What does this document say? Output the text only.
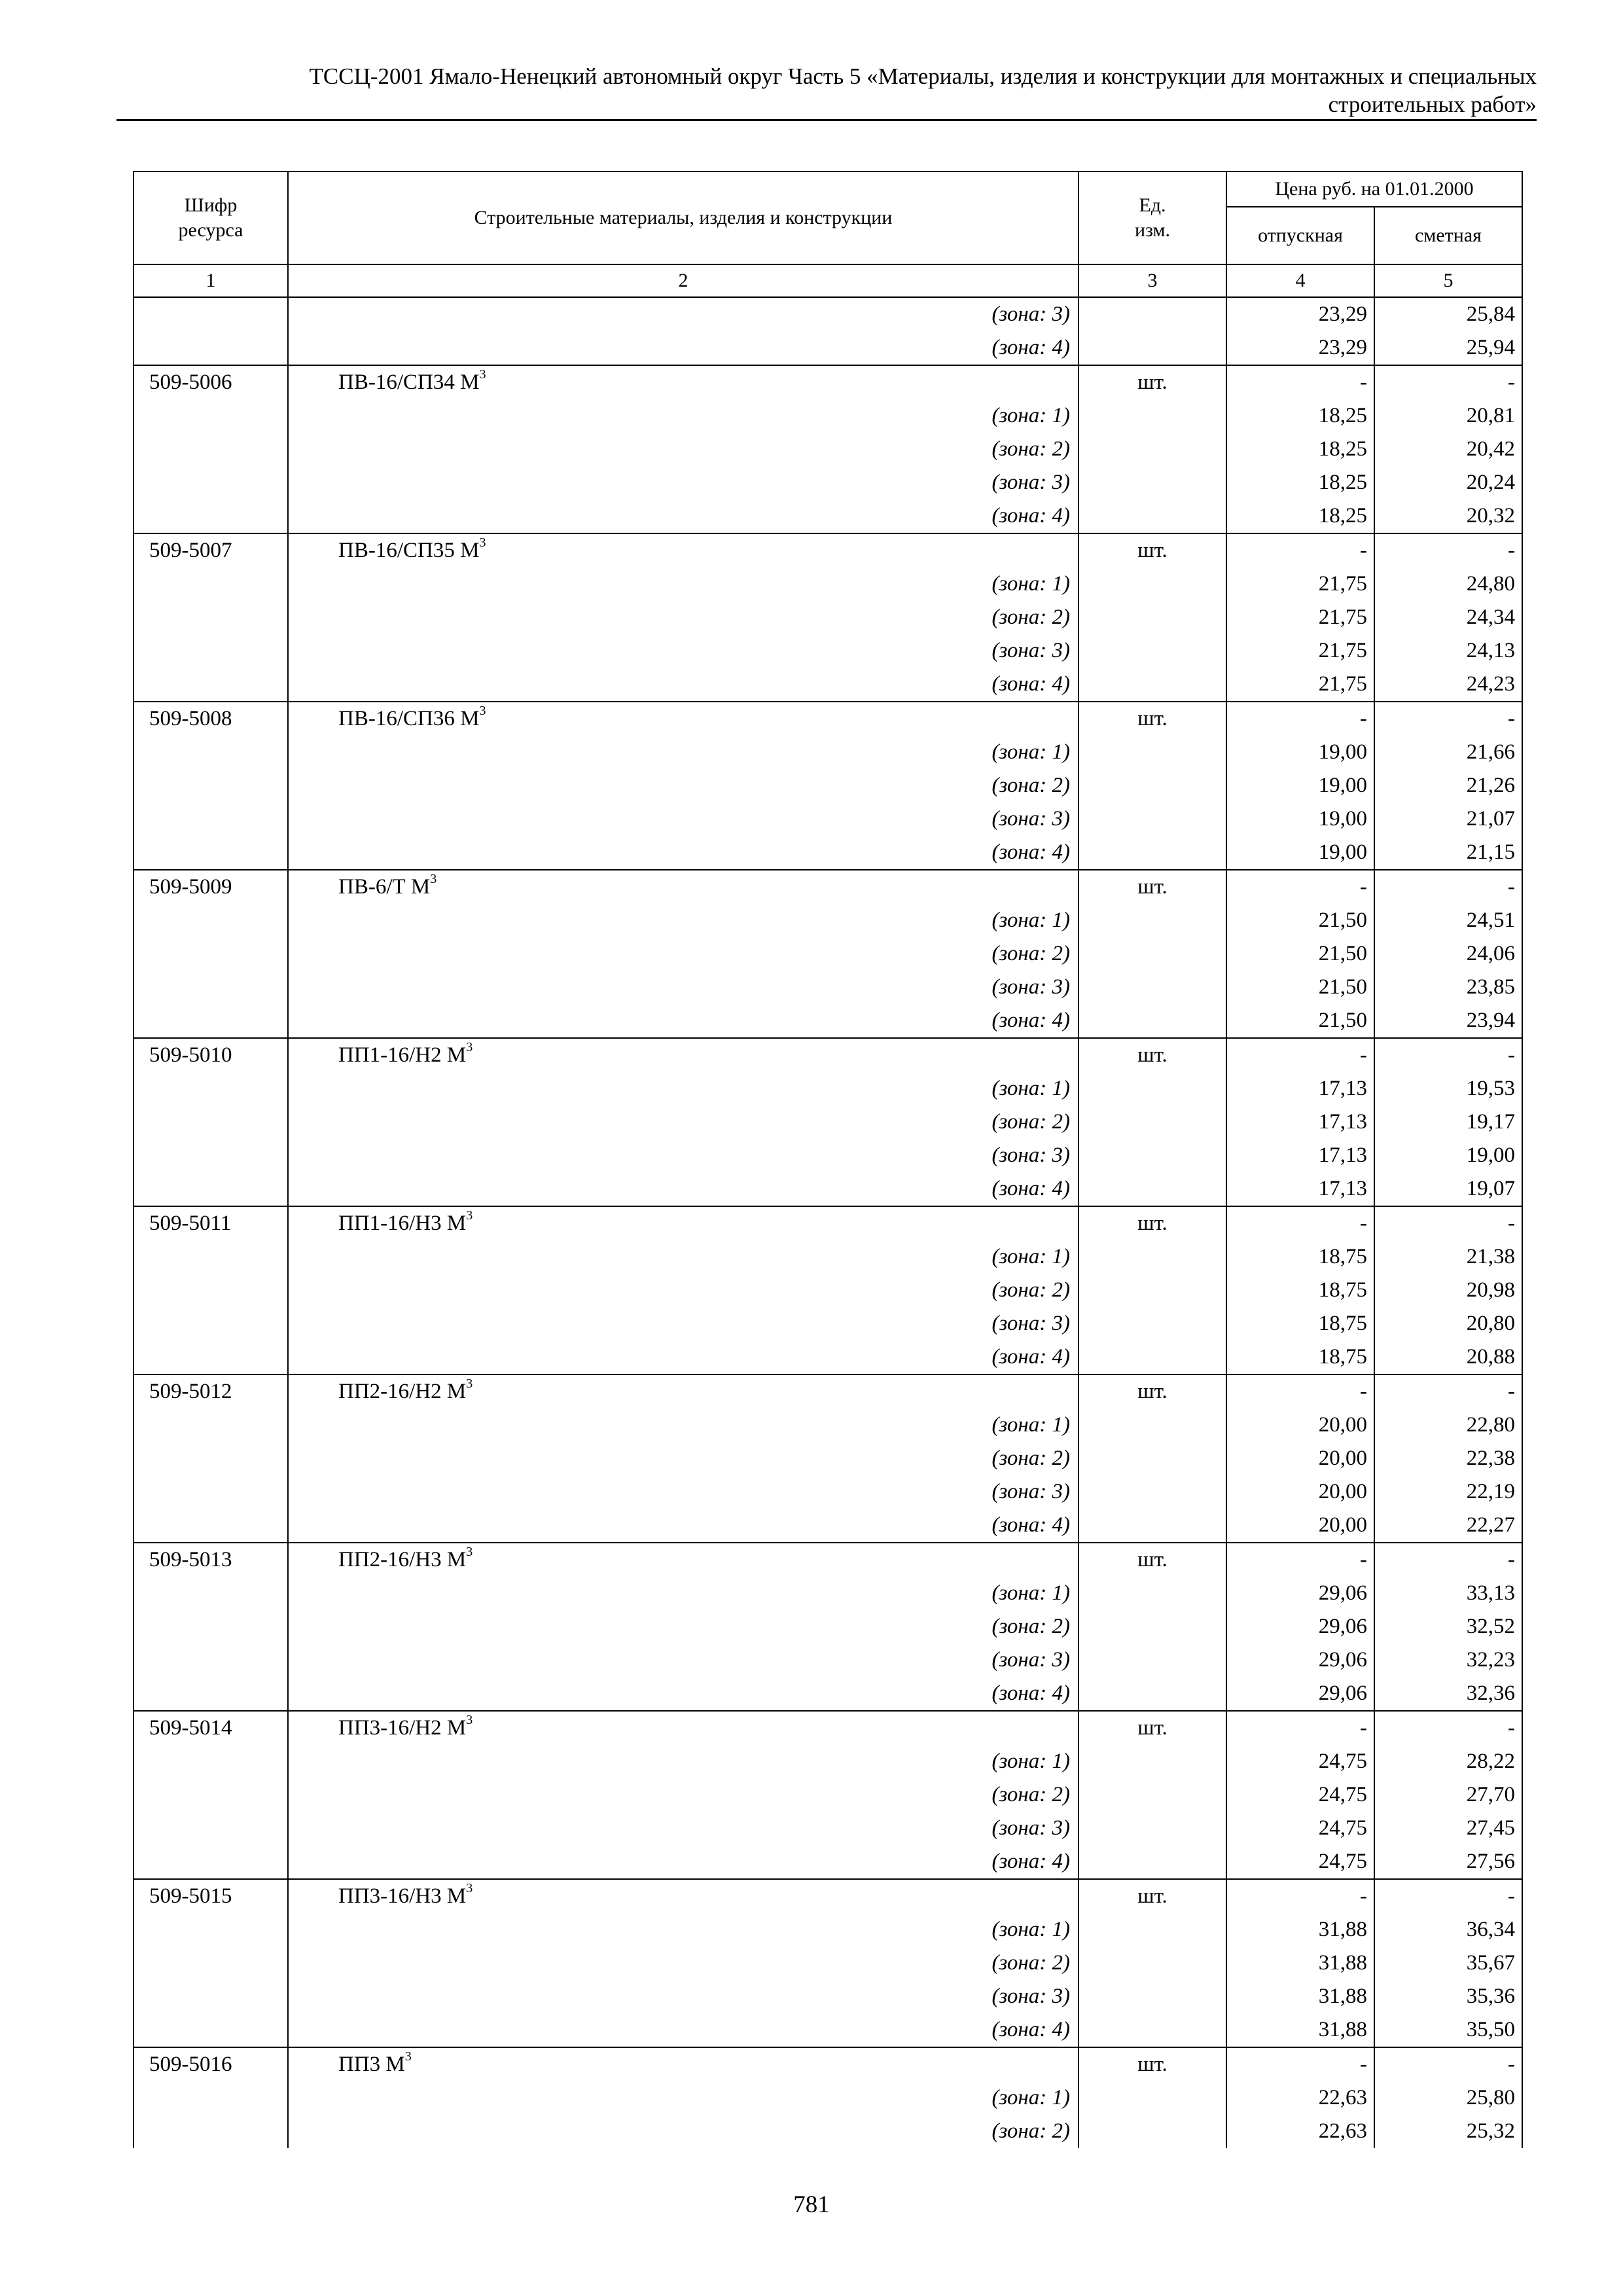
ТССЦ-2001 Ямало-Ненецкий автономный округ Часть 5 «Материалы, изделия и конструкции для монтажных и специальных
строительных работ»
Шифр ресурса	Строительные материалы, изделия и конструкции	Ед. изм.	Цена руб. на 01.01.2000	
			отпускная	сметная
1	2	3	4	5
	(зона: 3)		23,29	25,84
	(зона: 4)		23,29	25,94
509-5006	ПВ-16/СП34 $М^3$	шт.	-	-
	(зона: 1)		18,25	20,81
	(зона: 2)		18,25	20,42
	(зона: 3)		18,25	20,24
	(зона: 4)		18,25	20,32
509-5007	ПВ-16/СП35 $М^3$	шт.	-	-
	(зона: 1)		21,75	24,80
	(зона: 2)		21,75	24,34
	(зона: 3)		21,75	24,13
	(зона: 4)		21,75	24,23
509-5008	ПВ-16/СП36 $М^3$	шт.	-	-
	(зона: 1)		19,00	21,66
	(зона: 2)		19,00	21,26
	(зона: 3)		19,00	21,07
	(зона: 4)		19,00	21,15
509-5009	ПВ-6/Т $М^3$	шт.	-	-
	(зона: 1)		21,50	24,51
	(зона: 2)		21,50	24,06
	(зона: 3)		21,50	23,85
	(зона: 4)		21,50	23,94
509-5010	ПП1-16/Н2 $М^3$	шт.	-	-
	(зона: 1)		17,13	19,53
	(зона: 2)		17,13	19,17
	(зона: 3)		17,13	19,00
	(зона: 4)		17,13	19,07
509-5011	ПП1-16/Н3 $М^3$	шт.	-	-
	(зона: 1)		18,75	21,38
	(зона: 2)		18,75	20,98
	(зона: 3)		18,75	20,80
	(зона: 4)		18,75	20,88
509-5012	ПП2-16/Н2 $М^3$	шт.	-	-
	(зона: 1)		20,00	22,80
	(зона: 2)		20,00	22,38
	(зона: 3)		20,00	22,19
	(зона: 4)		20,00	22,27
509-5013	ПП2-16/Н3 $М^3$	шт.	-	-
	(зона: 1)		29,06	33,13
	(зона: 2)		29,06	32,52
	(зона: 3)		29,06	32,23
	(зона: 4)		29,06	32,36
509-5014	ПП3-16/Н2 $М^3$	шт.	-	-
	(зона: 1)		24,75	28,22
	(зона: 2)		24,75	27,70
	(зона: 3)		24,75	27,45
	(зона: 4)		24,75	27,56
509-5015	ПП3-16/Н3 $М^3$	шт.	-	-
	(зона: 1)		31,88	36,34
	(зона: 2)		31,88	35,67
	(зона: 3)		31,88	35,36
	(зона: 4)		31,88	35,50
509-5016	ПП3 $М^3$	шт.	-	-
	(зона: 1)		22,63	25,80
	(зона: 2)		22,63	25,32
781
